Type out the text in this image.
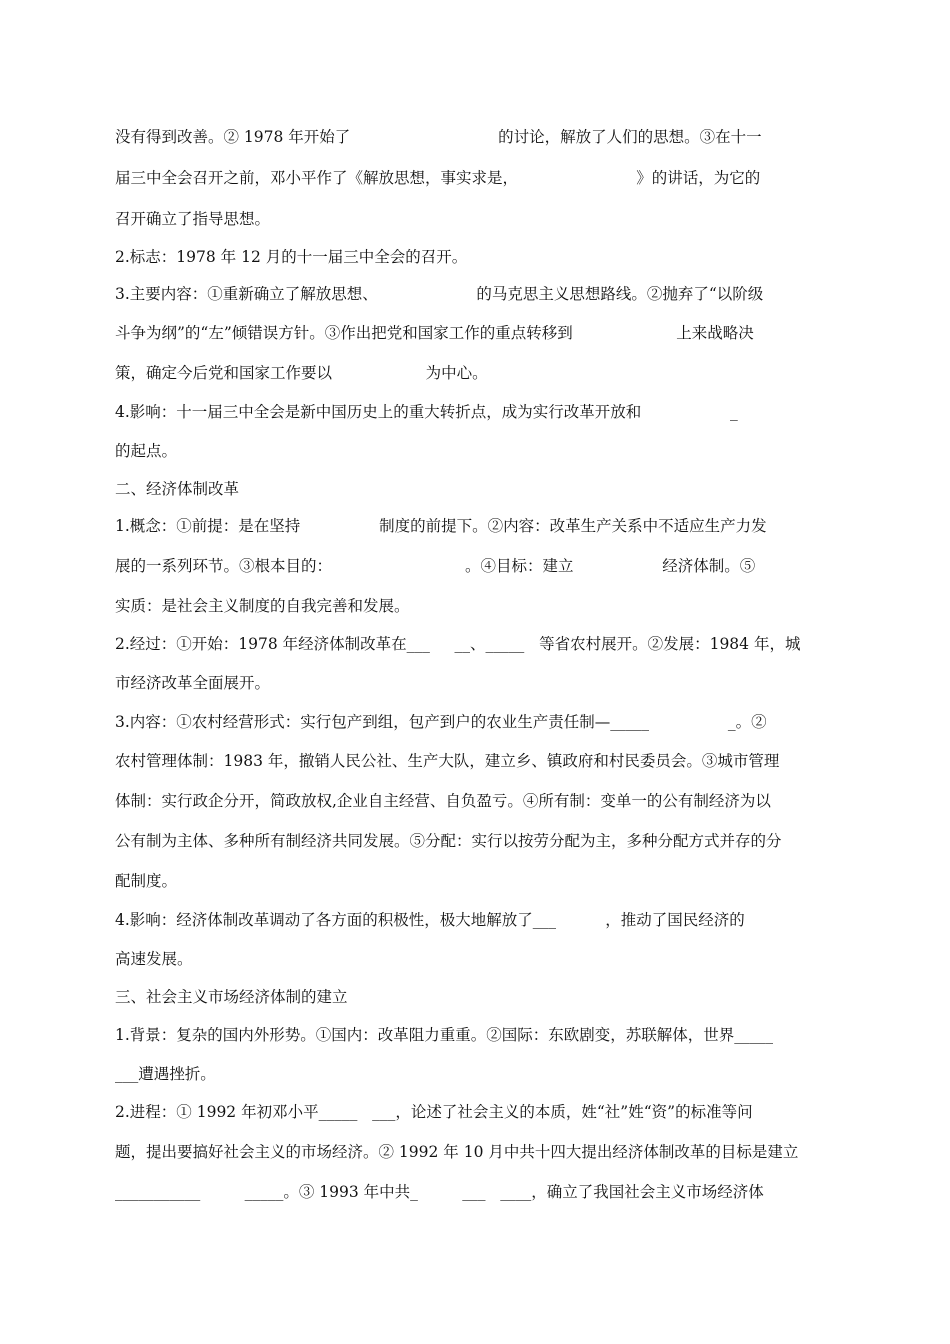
没有得到改善。② 1978 年开始了                              的讨论，解放了人们的思想。③在十一
届三中全会召开之前，邓小平作了《解放思想，事实求是，                        》的讲话，为它的
召开确立了指导思想。
2.标志：1978 年 12 月的十一届三中全会的召开。
3.主要内容：①重新确立了解放思想、                    的马克思主义思想路线。②抛弃了“以阶级
斗争为纲”的“左”倾错误方针。③作出把党和国家工作的重点转移到                     上来战略决
策，确定今后党和国家工作要以                   为中心。
4.影响：十一届三中全会是新中国历史上的重大转折点，成为实行改革开放和                  _
的起点。
二、经济体制改革
1.概念：①前提：是在坚持                制度的前提下。②内容：改革生产关系中不适应生产力发
展的一系列环节。③根本目的：                           。④目标：建立                  经济体制。⑤
实质：是社会主义制度的自我完善和发展。
2.经过：①开始：1978 年经济体制改革在___     __、_____   等省农村展开。②发展：1984 年，城
市经济改革全面展开。
3.内容：①农村经营形式：实行包产到组，包产到户的农业生产责任制—_____                _。②
农村管理体制：1983 年，撤销人民公社、生产大队，建立乡、镇政府和村民委员会。③城市管理
体制：实行政企分开，简政放权,企业自主经营、自负盈亏。④所有制：变单一的公有制经济为以
公有制为主体、多种所有制经济共同发展。⑤分配：实行以按劳分配为主，多种分配方式并存的分
配制度。
4.影响：经济体制改革调动了各方面的积极性，极大地解放了___          ，推动了国民经济的
高速发展。
三、社会主义市场经济体制的建立
1.背景：复杂的国内外形势。①国内：改革阻力重重。②国际：东欧剧变，苏联解体，世界_____
___遭遇挫折。
2.进程：① 1992 年初邓小平_____   ___，论述了社会主义的本质，姓“社”姓“资”的标准等问
题，提出要搞好社会主义的市场经济。② 1992 年 10 月中共十四大提出经济体制改革的目标是建立
___________         _____。③ 1993 年中共_         ___   ____，确立了我国社会主义市场经济体
